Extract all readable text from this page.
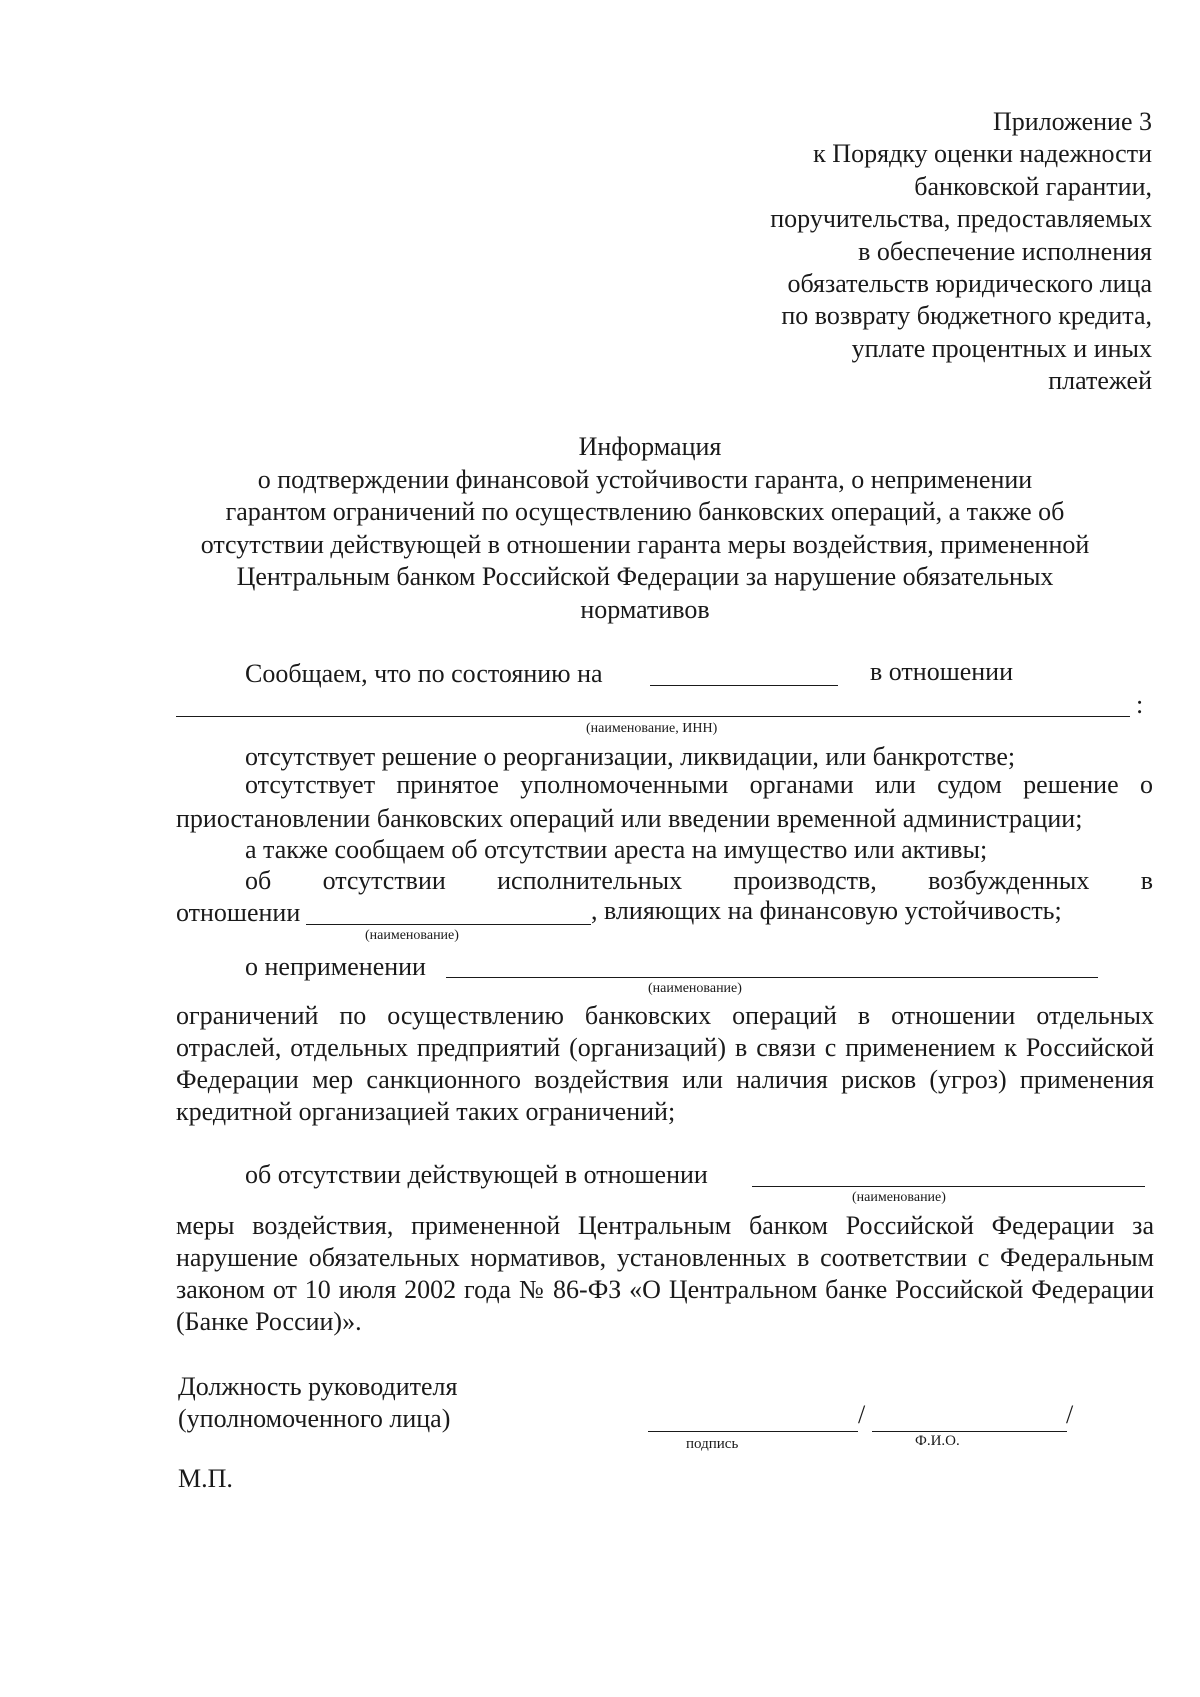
Приложение 3
к Порядку оценки надежности
банковской гарантии,
поручительства, предоставляемых
в обеспечение исполнения
обязательств юридического лица
по возврату бюджетного кредита,
уплате процентных и иных
платежей
Информация
о подтверждении финансовой устойчивости гаранта, о неприменении
гарантом ограничений по осуществлению банковских операций, а также об
отсутствии действующей в отношении гаранта меры воздействия, примененной
Центральным банком Российской Федерации за нарушение обязательных
нормативов
Сообщаем, что по состоянию на	в отношении
:
(наименование, ИНН)
отсутствует решение о реорганизации, ликвидации, или банкротстве;
отсутствует принятое уполномоченными органами или судом решение о
приостановлении банковских операций или введении временной администрации;
а также сообщаем об отсутствии ареста на имущество или активы;
об отсутствии исполнительных производств, возбужденных в
отношении	, влияющих на финансовую устойчивость;
(наименование)
о неприменении
(наименование)
ограничений по осуществлению банковских операций в отношении отдельных отраслей, отдельных предприятий (организаций) в связи с применением к Российской Федерации мер санкционного воздействия или наличия рисков (угроз) применения кредитной организацией таких ограничений;
об отсутствии действующей в отношении
(наименование)
меры воздействия, примененной Центральным банком Российской Федерации за нарушение обязательных нормативов, установленных в соответствии с Федеральным законом от 10 июля 2002 года № 86-ФЗ «О Центральном банке Российской Федерации (Банке России)».
Должность руководителя
(уполномоченного лица)	/	/
подпись	Ф.И.О.
М.П.
